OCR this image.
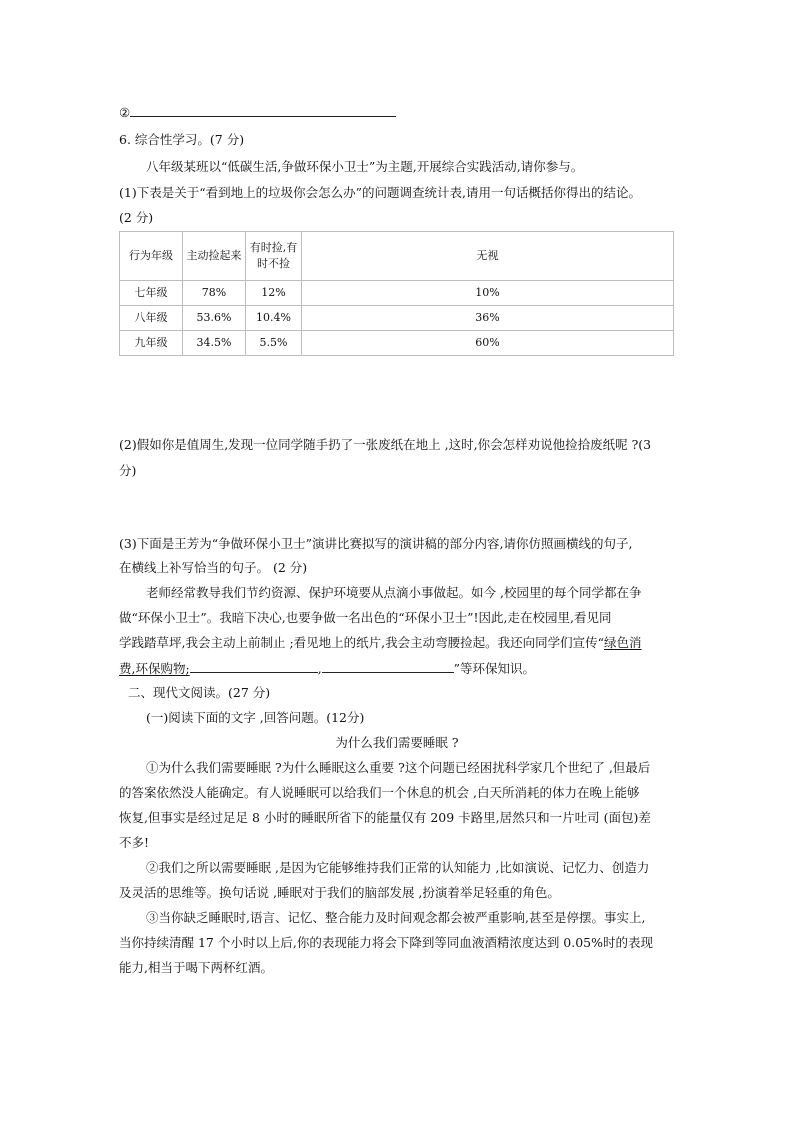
②
6. 综合性学习。(7 分)
八年级某班以“低碳生活,争做环保小卫士”为主题,开展综合实践活动,请你参与。
(1)下表是关于“看到地上的垃圾你会怎么办”的问题调查统计表,请用一句话概括你得出的结论。
(2 分)
行为年级	主动捡起来	有时捡,有
时不捡	无视
七年级	78%	12%	10%
八年级	53.6%	10.4%	36%
九年级	34.5%	5.5%	60%
(2)假如你是值周生,发现一位同学随手扔了一张废纸在地上 ,这时,你会怎样劝说他捡拾废纸呢 ?(3
分)
(3)下面是王芳为“争做环保小卫士”演讲比赛拟写的演讲稿的部分内容,请你仿照画横线的句子,
在横线上补写恰当的句子。 (2 分)
老师经常教导我们节约资源、保护环境要从点滴小事做起。如今 ,校园里的每个同学都在争
做“环保小卫士”。我暗下决心,也要争做一名出色的“环保小卫士”!因此,走在校园里,看见同
学践踏草坪,我会主动上前制止 ;看见地上的纸片,我会主动弯腰捡起。我还向同学们宣传“绿色消
费,环保购物;	,	”等环保知识。
二、现代文阅读。(27 分)
(一)阅读下面的文字 ,回答问题。(12分)
为什么我们需要睡眠 ?
①为什么我们需要睡眠 ?为什么睡眠这么重要 ?这个问题已经困扰科学家几个世纪了 ,但最后
的答案依然没人能确定。有人说睡眠可以给我们一个休息的机会 ,白天所消耗的体力在晚上能够
恢复,但事实是经过足足 8 小时的睡眠所省下的能量仅有 209 卡路里,居然只和一片吐司 (面包)差
不多!
②我们之所以需要睡眠 ,是因为它能够维持我们正常的认知能力 ,比如演说、记忆力、创造力
及灵活的思维等。换句话说 ,睡眠对于我们的脑部发展 ,扮演着举足轻重的角色。
③当你缺乏睡眠时,语言、记忆、整合能力及时间观念都会被严重影响,甚至是停摆。事实上,
当你持续清醒 17 个小时以上后,你的表现能力将会下降到等同血液酒精浓度达到 0.05%时的表现
能力,相当于喝下两杯红酒。
